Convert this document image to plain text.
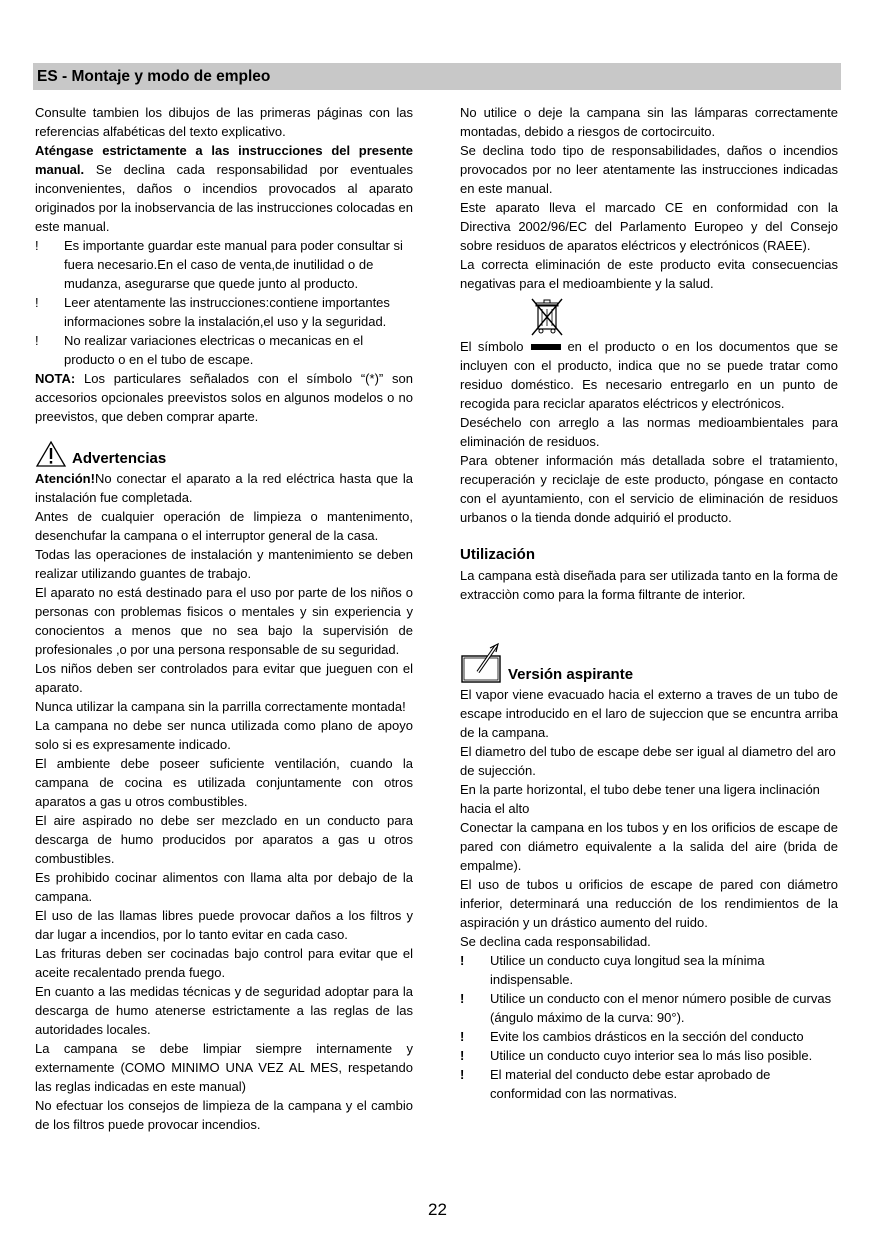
ES - Montaje y modo de empleo

Consulte tambien los dibujos de las primeras páginas con las referencias alfabéticas del texto explicativo.

Aténgase estrictamente a las instrucciones del presente manual. Se declina cada responsabilidad por eventuales inconvenientes, daños o incendios provocados al aparato originados por la inobservancia de las instrucciones colocadas en este manual.

! Es importante guardar este manual para poder consultar si fuera necesario.En el caso de venta,de inutilidad o de mudanza, asegurarse que quede junto al producto.
! Leer atentamente las instrucciones:contiene importantes informaciones sobre la instalación,el uso y la seguridad.
! No realizar variaciones electricas o mecanicas en el producto o en el tubo de escape.

NOTA: Los particulares señalados con el símbolo “(*)” son accesorios opcionales preevistos solos en algunos modelos o no preevistos, que deben comprar aparte.

Advertencias

Atención!No conectar el aparato a la red eléctrica hasta que la instalación fue completada.

Antes de cualquier operación de limpieza o mantenimento, desenchufar la campana o el interruptor general de la casa.

Todas las operaciones de instalación y mantenimiento se deben realizar utilizando guantes de trabajo.

El aparato no está destinado para el uso por parte de los niños o personas con problemas fisicos o mentales y sin experiencia y conocientos a menos que no sea bajo la supervisión de profesionales ,o por una persona responsable de su seguridad.

Los niños deben ser controlados para evitar que jueguen con el aparato.

Nunca utilizar la campana sin la parrilla correctamente montada!

La campana no debe ser nunca utilizada como plano de apoyo solo si es expresamente indicado.

El ambiente debe poseer suficiente ventilación, cuando la campana de cocina es utilizada conjuntamente con otros aparatos a gas u otros combustibles.

El aire aspirado no debe ser mezclado en un conducto para descarga de humo producidos por aparatos a gas u otros combustibles.

Es prohibido cocinar alimentos con llama alta por debajo de la campana.

El uso de las llamas libres puede provocar daños a los filtros y dar lugar a incendios, por lo tanto evitar en cada caso.

Las frituras deben ser cocinadas bajo control para evitar que el aceite recalentado prenda fuego.

En cuanto a las medidas técnicas y de seguridad adoptar para la descarga de humo atenerse estrictamente a las reglas de las autoridades locales.

La campana se debe limpiar siempre internamente y externamente (COMO MINIMO UNA VEZ AL MES, respetando las reglas indicadas en este manual)

No efectuar los consejos de limpieza de la campana y el cambio de los filtros puede provocar incendios.

No utilice o deje la campana sin las lámparas correctamente montadas, debido a riesgos de cortocircuito.

Se declina todo tipo de responsabilidades, daños o incendios provocados por no leer atentamente las instrucciones indicadas en este manual.

Este aparato lleva el marcado CE en conformidad con la Directiva 2002/96/EC del Parlamento Europeo y del Consejo sobre residuos de aparatos eléctricos y electrónicos (RAEE).

La correcta eliminación de este producto evita consecuencias negativas para el medioambiente y la salud.

El símbolo	en el producto o en los documentos que se incluyen con el producto, indica que no se puede tratar como residuo doméstico. Es necesario entregarlo en un punto de recogida para reciclar aparatos eléctricos y electrónicos.

Deséchelo con arreglo a las normas medioambientales para eliminación de residuos.

Para obtener información más detallada sobre el tratamiento, recuperación y reciclaje de este producto, póngase en contacto con el ayuntamiento, con el servicio de eliminación de residuos urbanos o la tienda donde adquirió el producto.

Utilización

La campana està diseñada para ser utilizada tanto en la forma de extracciòn como para la forma filtrante de interior.

Versión aspirante

El vapor viene evacuado hacia el externo a traves de un tubo de escape introducido en el laro de sujeccion que se encuntra arriba de la campana.

El diametro del tubo de escape debe ser igual al diametro del aro de sujección.

En la parte horizontal, el tubo debe tener una ligera inclinación hacia el alto

Conectar la campana en los tubos y en los orificios de escape de pared con diámetro equivalente a la salida del aire (brida de empalme).

El uso de tubos u orificios de escape de pared con diámetro inferior, determinará una reducción de los rendimientos de la aspiración y un drástico aumento del ruido.

Se declina cada responsabilidad.

! Utilice un conducto cuya longitud sea la mínima indispensable.
! Utilice un conducto con el menor número posible de curvas (ángulo máximo de la curva: 90°).
! Evite los cambios drásticos en la sección del conducto
! Utilice un conducto cuyo interior sea lo más liso posible.
! El material del conducto debe estar aprobado de conformidad con las normativas.
22
